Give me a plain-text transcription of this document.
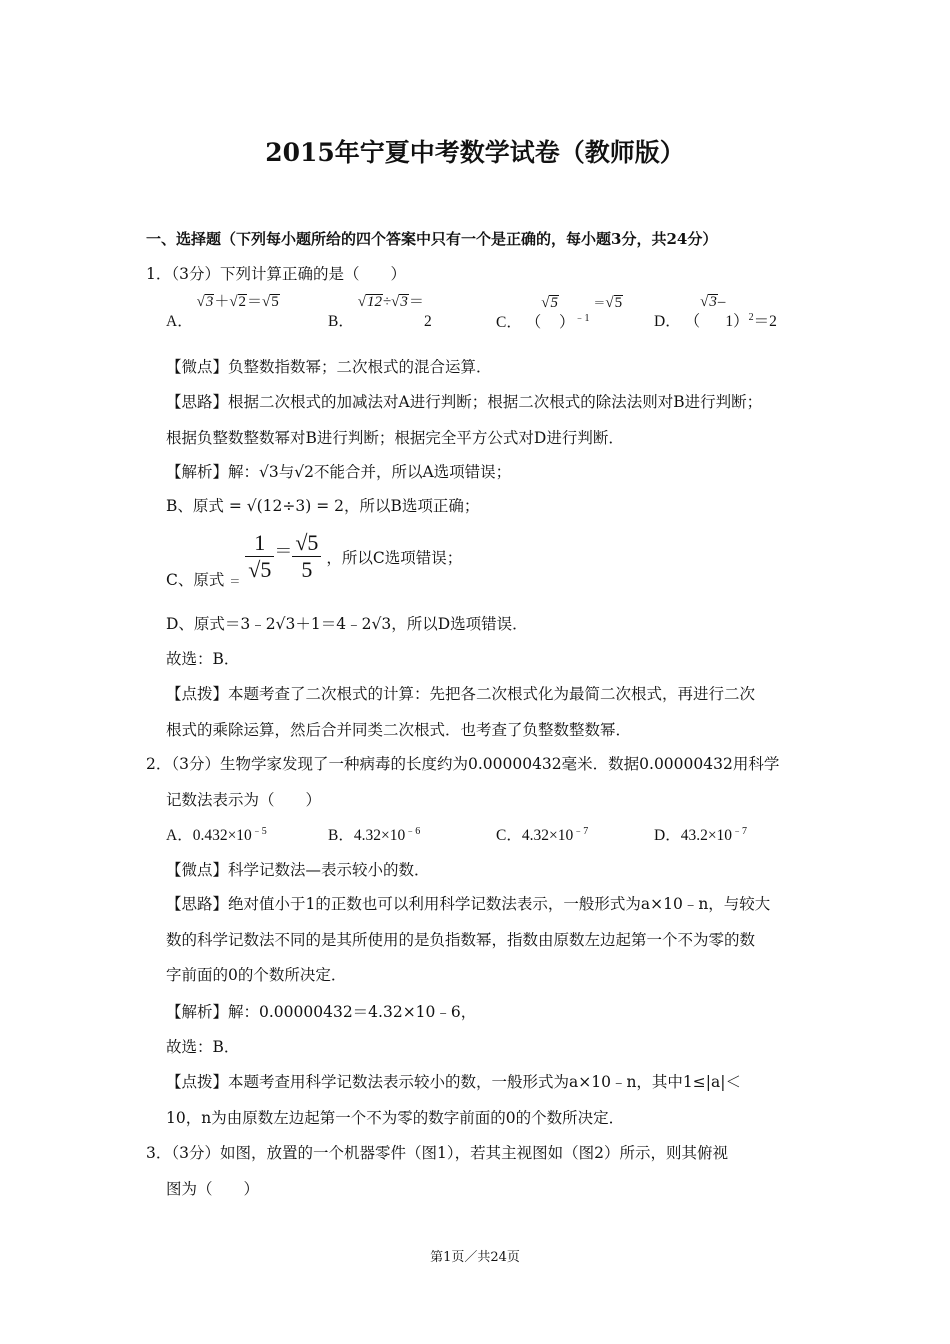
2015年宁夏中考数学试卷（教师版）
一、选择题（下列每小题所给的四个答案中只有一个是正确的，每小题3分，共24分）
1．（3分）下列计算正确的是（　　）
A． √3＋√2＝√5
B． √12÷√3＝2	C． $(√5)^{﹣1} =√5$
D． $(√3-1)^2=2$
【微点】负整数指数幂；二次根式的混合运算．
【思路】根据二次根式的加减法对A进行判断；根据二次根式的除法法则对B进行判断；
根据负整数整数幂对B进行判断；根据完全平方公式对D进行判断．
【解析】解：√3与√2不能合并，所以A选项错误；
B、原式 = √(12÷3) = 2，所以B选项正确；
C、原式 $_= \frac{1}{√5} = \frac{√5}{5}$ ，所以C选项错误；
D、原式＝3﹣2√3＋1＝4﹣2√3，所以D选项错误．
故选：B．
【点拨】本题考查了二次根式的计算：先把各二次根式化为最简二次根式，再进行二次
根式的乘除运算，然后合并同类二次根式．也考查了负整数整数幂．
2．（3分）生物学家发现了一种病毒的长度约为0.00000432毫米．数据0.00000432用科学
记数法表示为（　　）
A．$0.432\times 10^{﹣5}$	B．$4.32\times 10^{﹣6}$	C．$4.32\times 10^{﹣7}$	D．$43.2\times 10^{﹣7}$
【微点】科学记数法—表示较小的数．
【思路】绝对值小于1的正数也可以利用科学记数法表示，一般形式为a×10﹣n，与较大
数的科学记数法不同的是其所使用的是负指数幂，指数由原数左边起第一个不为零的数
字前面的0的个数所决定．
【解析】解：0.00000432＝4.32×10﹣6，
故选：B．
【点拨】本题考查用科学记数法表示较小的数，一般形式为a×10﹣n，其中1≤|a|＜
10，n为由原数左边起第一个不为零的数字前面的0的个数所决定．
3．（3分）如图，放置的一个机器零件（图1），若其主视图如（图2）所示，则其俯视
图为（　　）
第1页／共24页
